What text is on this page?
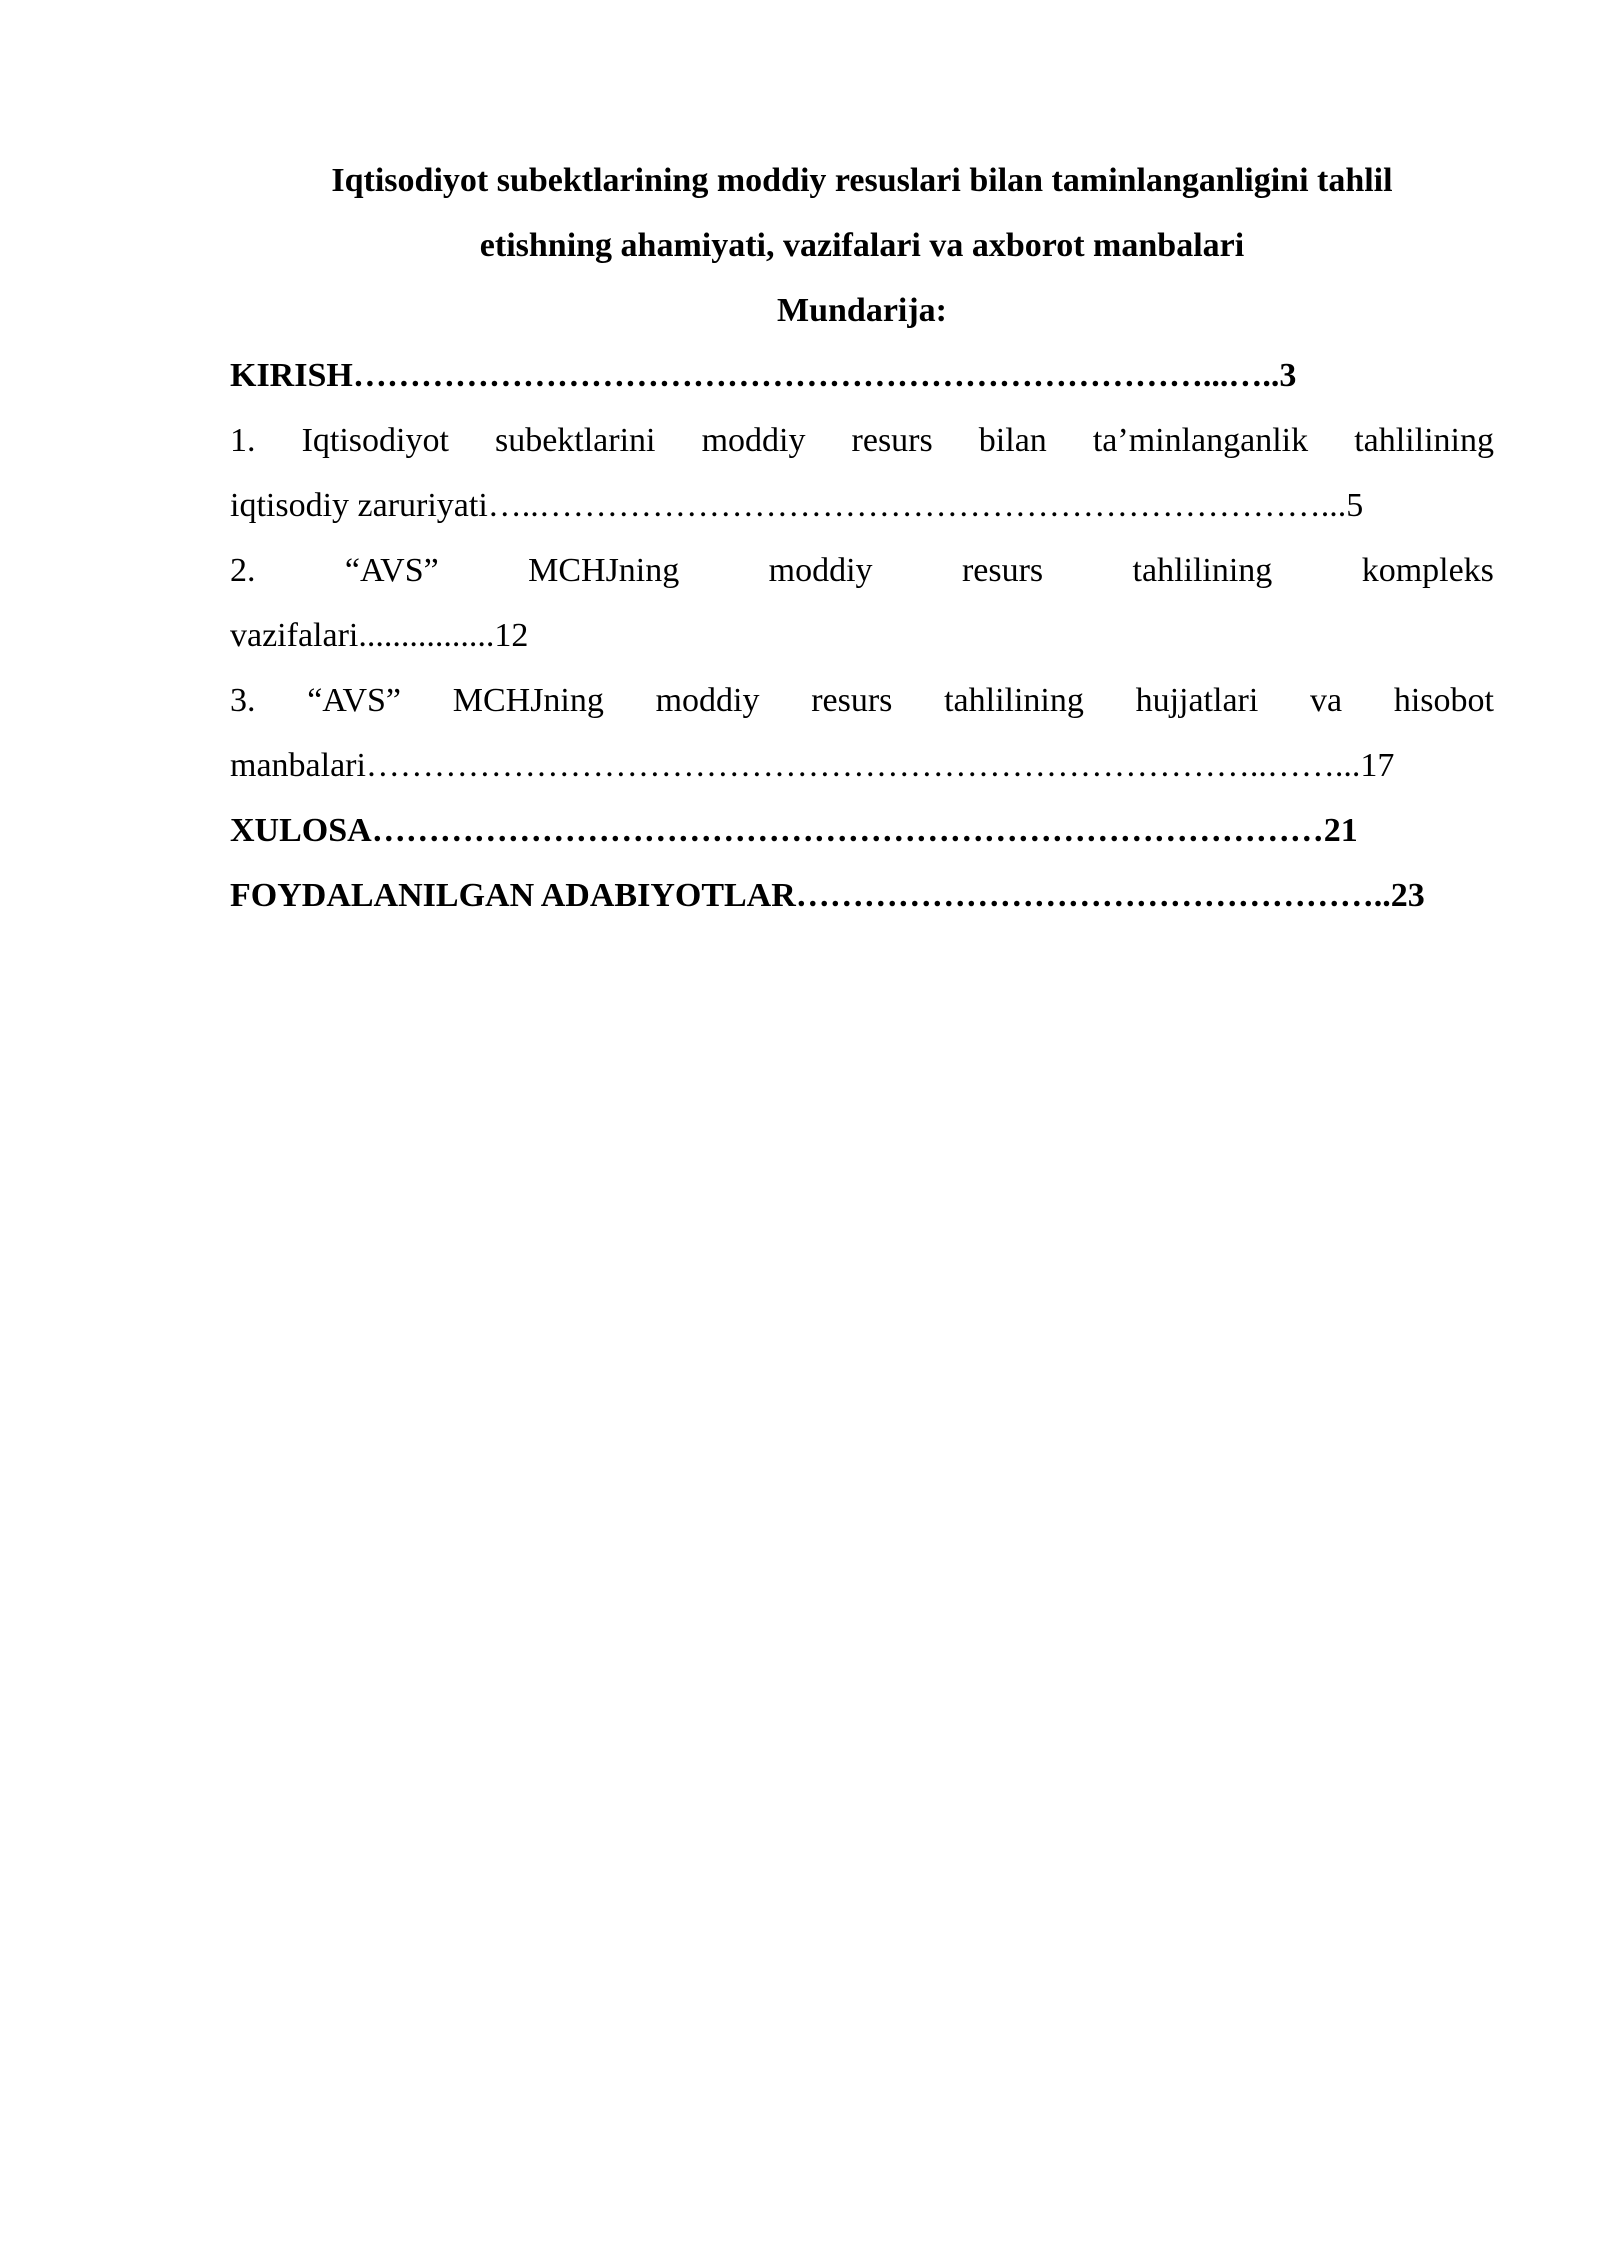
Iqtisodiyot subektlarining moddiy resuslari bilan taminlanganligini tahlil

etishning ahamiyati, vazifalari va axborot manbalari

Mundarija:

KIRISH…………………………………………………………………...…..3

1. Iqtisodiyot subektlarini moddiy resurs bilan ta’minlanganlik tahlilining

iqtisodiy zaruriyati…..……………………………………………………………...5

2.	“AVS”	MCHJning	moddiy	resurs	tahlilining	kompleks

vazifalari................12

3. “AVS” MCHJning moddiy resurs tahlilining hujjatlari va hisobot

manbalari……………………………………………………………………..……...17

XULOSA…………………………………………………………………………21

FOYDALANILGAN ADABIYOTLAR……………………………………………..23
